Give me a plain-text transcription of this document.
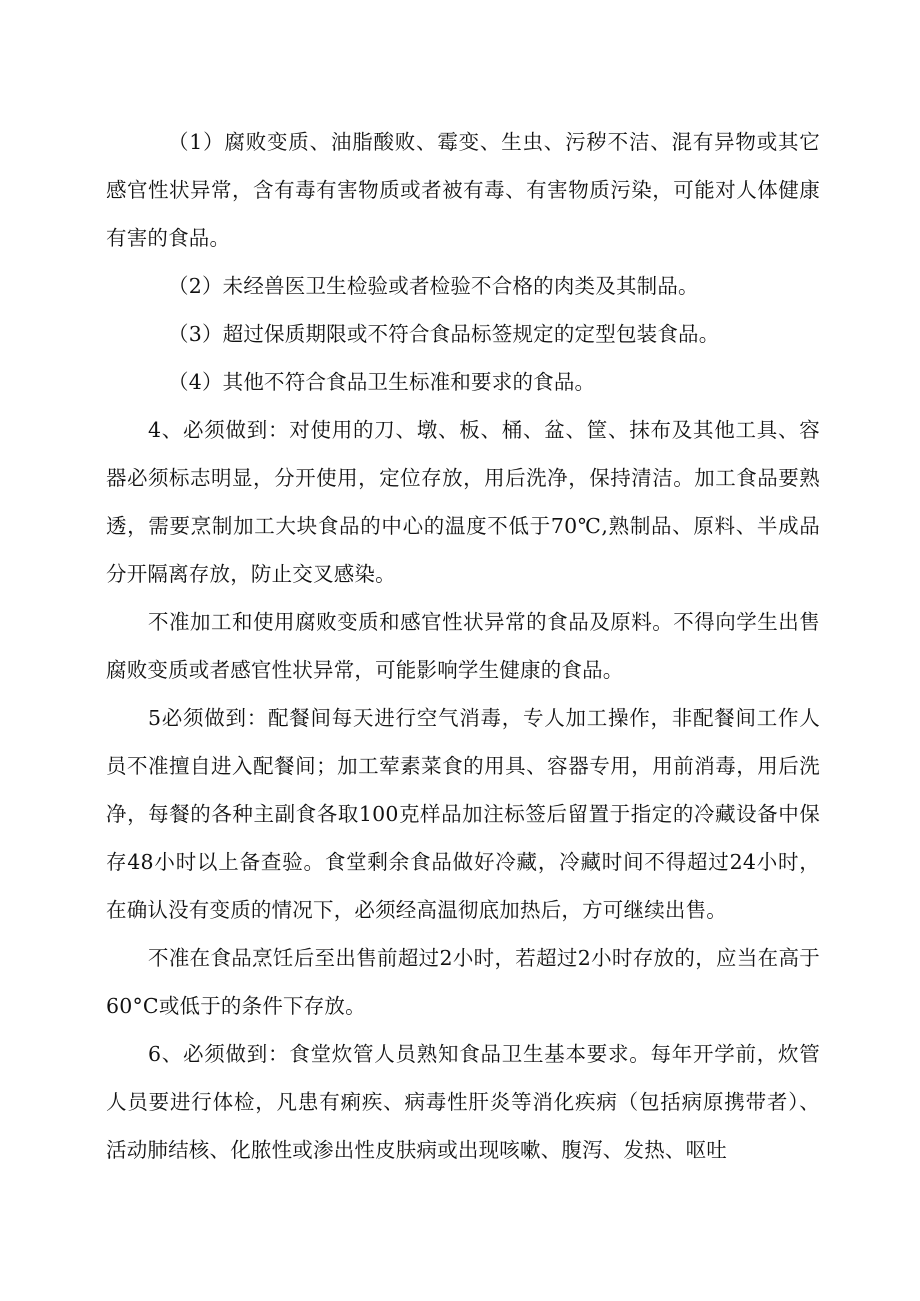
（1）腐败变质、油脂酸败、霉变、生虫、污秽不洁、混有异物或其它感官性状异常，含有毒有害物质或者被有毒、有害物质污染，可能对人体健康有害的食品。

（2）未经兽医卫生检验或者检验不合格的肉类及其制品。

（3）超过保质期限或不符合食品标签规定的定型包装食品。

（4）其他不符合食品卫生标准和要求的食品。

4、必须做到：对使用的刀、墩、板、桶、盆、筐、抹布及其他工具、容器必须标志明显，分开使用，定位存放，用后洗净，保持清洁。加工食品要熟透，需要烹制加工大块食品的中心的温度不低于70℃,熟制品、原料、半成品分开隔离存放，防止交叉感染。

不准加工和使用腐败变质和感官性状异常的食品及原料。不得向学生出售腐败变质或者感官性状异常，可能影响学生健康的食品。

5必须做到：配餐间每天进行空气消毒，专人加工操作，非配餐间工作人员不准擅自进入配餐间；加工荤素菜食的用具、容器专用，用前消毒，用后洗净，每餐的各种主副食各取100克样品加注标签后留置于指定的冷藏设备中保存48小时以上备查验。食堂剩余食品做好冷藏，冷藏时间不得超过24小时，在确认没有变质的情况下，必须经高温彻底加热后，方可继续出售。

不准在食品烹饪后至出售前超过2小时，若超过2小时存放的，应当在高于60°C或低于的条件下存放。

6、必须做到：食堂炊管人员熟知食品卫生基本要求。每年开学前，炊管人员要进行体检，凡患有痢疾、病毒性肝炎等消化疾病（包括病原携带者）、活动肺结核、化脓性或渗出性皮肤病或出现咳嗽、腹泻、发热、呕吐
